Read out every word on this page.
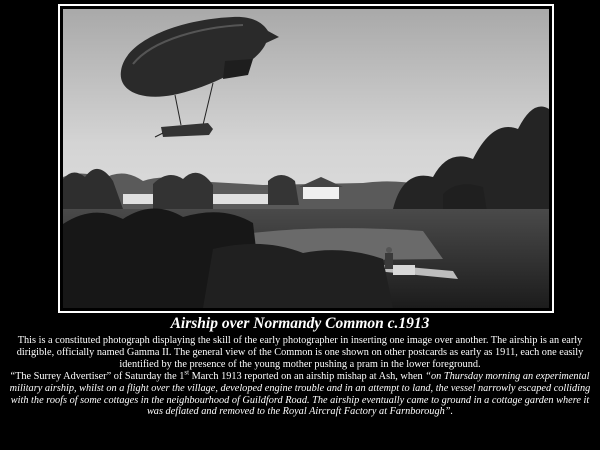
Airship over Normandy Common c.1913

This is a constituted photograph displaying the skill of the early photographer in inserting one image over another. The airship is an early dirigible, officially named Gamma II. The general view of the Common is one shown on other postcards as early as 1911, each one easily identified by the presence of the young mother pushing a pram in the lower foreground.

“The Surrey Advertiser” of Saturday the 1st March 1913 reported on an airship mishap at Ash, when “on Thursday morning an experimental military airship, whilst on a flight over the village, developed engine trouble and in an attempt to land, the vessel narrowly escaped colliding with the roofs of some cottages in the neighbourhood of Guildford Road. The airship eventually came to ground in a cottage garden where it was deflated and removed to the Royal Aircraft Factory at Farnborough”.
